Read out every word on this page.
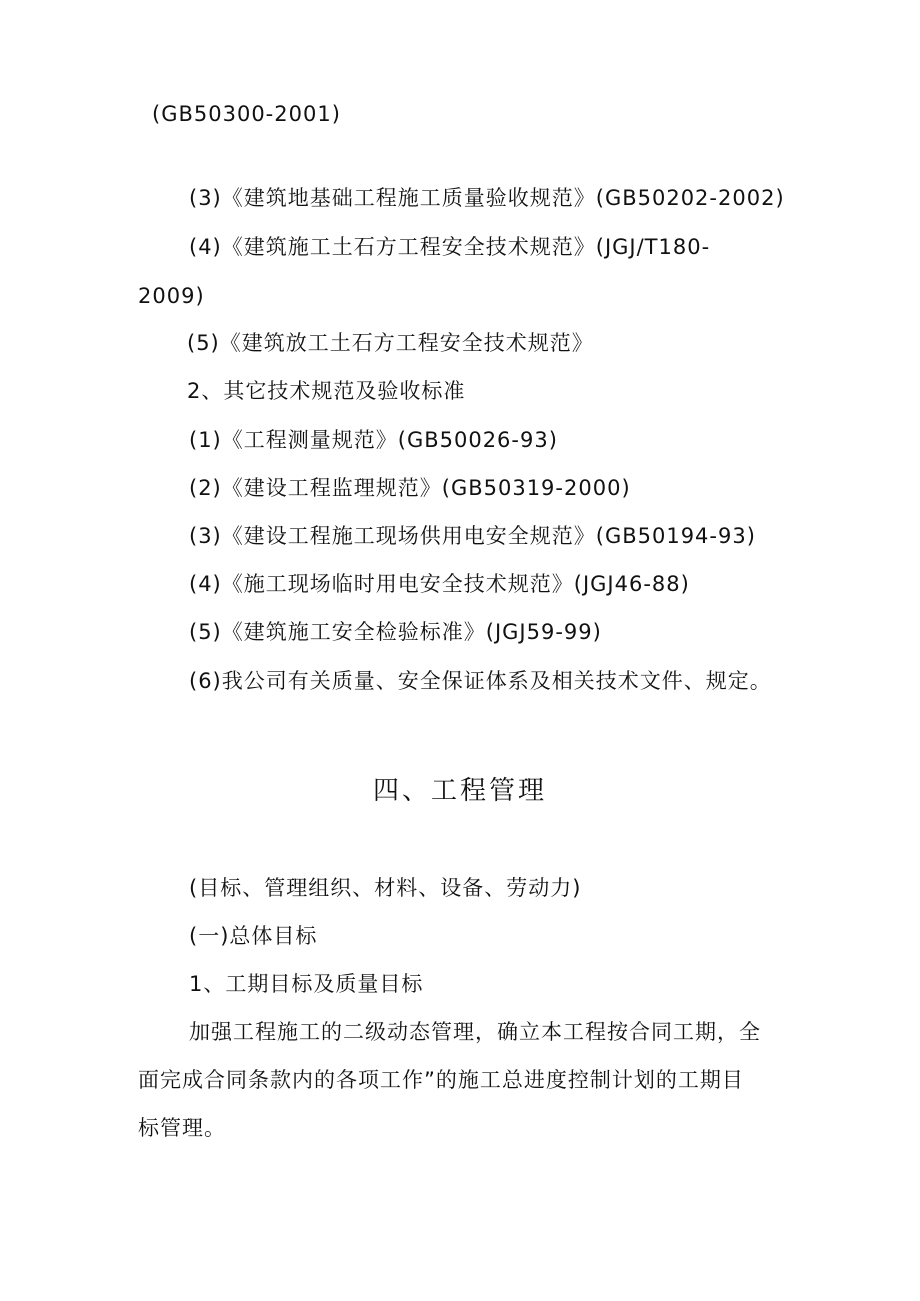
(GB50300-2001)
(3)《建筑地基础工程施工质量验收规范》(GB50202-2002)
(4)《建筑施工土石方工程安全技术规范》(JGJ/T180-
2009)
(5)《建筑放工土石方工程安全技术规范》
2、其它技术规范及验收标准
(1)《工程测量规范》(GB50026-93)
(2)《建设工程监理规范》(GB50319-2000)
(3)《建设工程施工现场供用电安全规范》(GB50194-93)
(4)《施工现场临时用电安全技术规范》(JGJ46-88)
(5)《建筑施工安全检验标准》(JGJ59-99)
(6)我公司有关质量、安全保证体系及相关技术文件、规定。
四、工程管理
(目标、管理组织、材料、设备、劳动力)
(一)总体目标
1、工期目标及质量目标
加强工程施工的二级动态管理，确立本工程按合同工期，全
面完成合同条款内的各项工作”的施工总进度控制计划的工期目
标管理。
